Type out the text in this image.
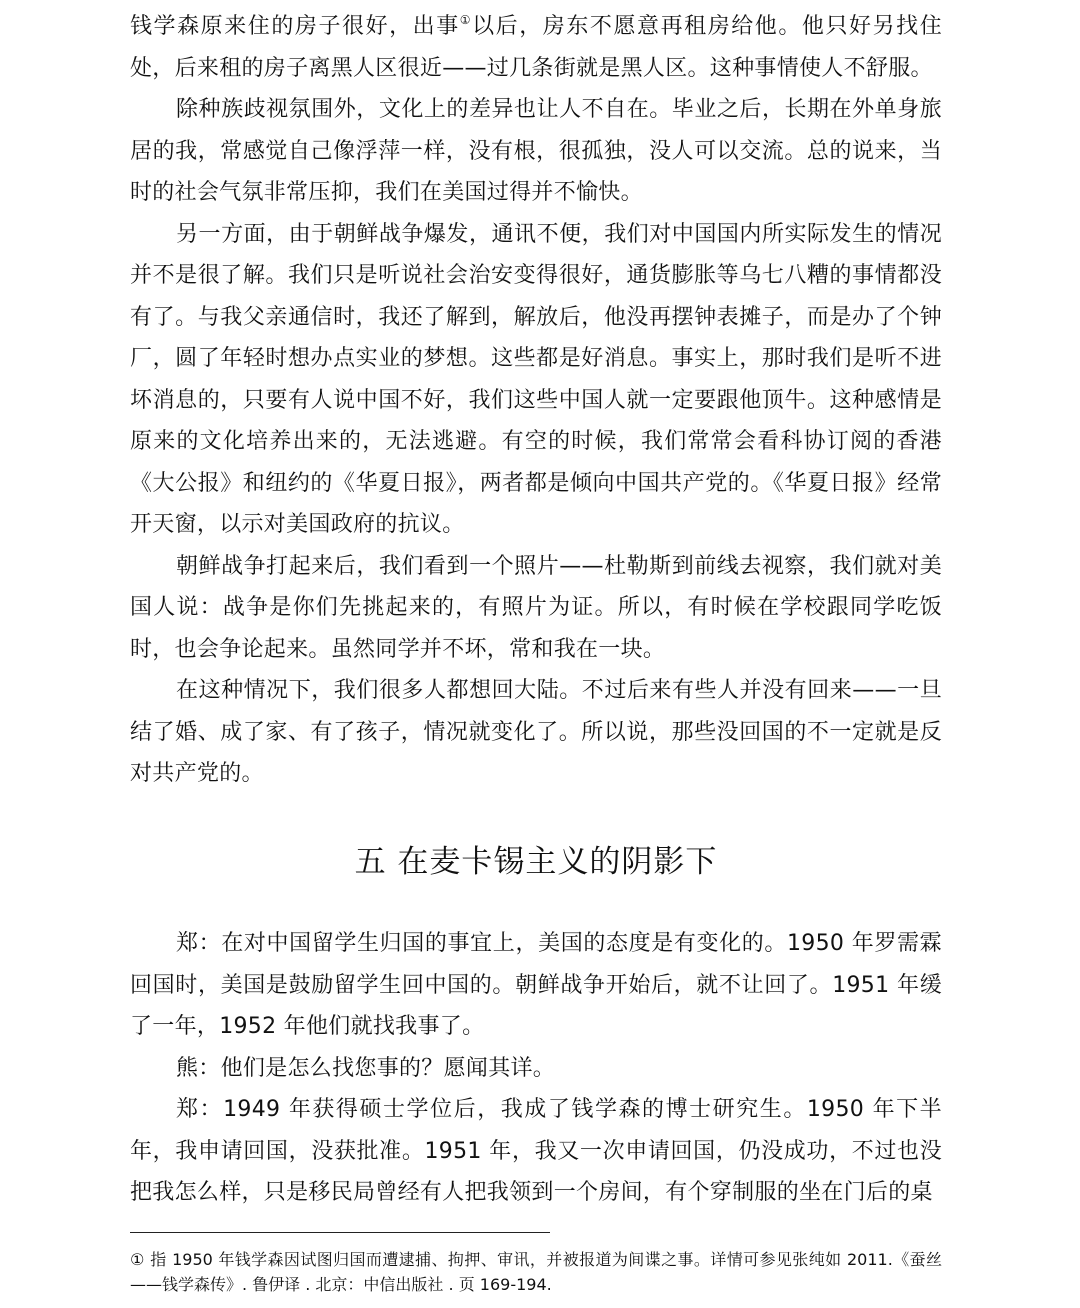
钱学森原来住的房子很好，出事①以后，房东不愿意再租房给他。他只好另找住处，后来租的房子离黑人区很近——过几条街就是黑人区。这种事情使人不舒服。

除种族歧视氛围外，文化上的差异也让人不自在。毕业之后，长期在外单身旅居的我，常感觉自己像浮萍一样，没有根，很孤独，没人可以交流。总的说来，当时的社会气氛非常压抑，我们在美国过得并不愉快。

另一方面，由于朝鲜战争爆发，通讯不便，我们对中国国内所实际发生的情况并不是很了解。我们只是听说社会治安变得很好，通货膨胀等乌七八糟的事情都没有了。与我父亲通信时，我还了解到，解放后，他没再摆钟表摊子，而是办了个钟厂，圆了年轻时想办点实业的梦想。这些都是好消息。事实上，那时我们是听不进坏消息的，只要有人说中国不好，我们这些中国人就一定要跟他顶牛。这种感情是原来的文化培养出来的，无法逃避。有空的时候，我们常常会看科协订阅的香港《大公报》和纽约的《华夏日报》，两者都是倾向中国共产党的。《华夏日报》经常开天窗，以示对美国政府的抗议。

朝鲜战争打起来后，我们看到一个照片——杜勒斯到前线去视察，我们就对美国人说：战争是你们先挑起来的，有照片为证。所以，有时候在学校跟同学吃饭时，也会争论起来。虽然同学并不坏，常和我在一块。

在这种情况下，我们很多人都想回大陆。不过后来有些人并没有回来——一旦结了婚、成了家、有了孩子，情况就变化了。所以说，那些没回国的不一定就是反对共产党的。

五 在麦卡锡主义的阴影下

郑：在对中国留学生归国的事宜上，美国的态度是有变化的。1950 年罗需霖回国时，美国是鼓励留学生回中国的。朝鲜战争开始后，就不让回了。1951 年缓了一年，1952 年他们就找我事了。

熊：他们是怎么找您事的？愿闻其详。

郑：1949 年获得硕士学位后，我成了钱学森的博士研究生。1950 年下半年，我申请回国，没获批准。1951 年，我又一次申请回国，仍没成功，不过也没把我怎么样，只是移民局曾经有人把我领到一个房间，有个穿制服的坐在门后的桌

① 指 1950 年钱学森因试图归国而遭逮捕、拘押、审讯，并被报道为间谍之事。详情可参见张纯如 2011.《蚕丝——钱学森传》. 鲁伊译 . 北京：中信出版社 . 页 169-194.
